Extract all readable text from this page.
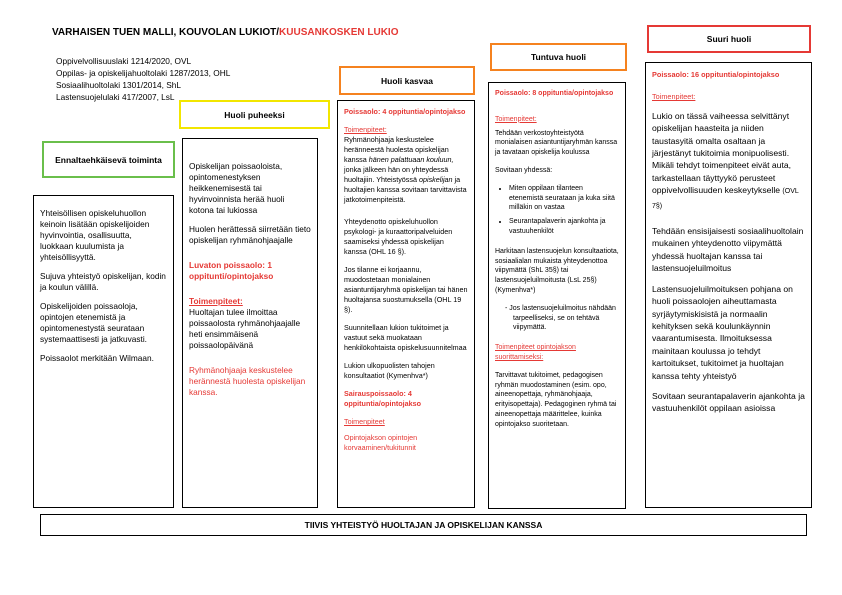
VARHAISEN TUEN MALLI, KOUVOLAN LUKIOT/KUUSANKOSKEN LUKIO
Oppivelvollisuuslaki 1214/2020, OVL
Oppilas- ja opiskelijahuoltolaki 1287/2013, OHL
Sosiaalihuoltolaki 1301/2014, ShL
Lastensuojelulaki 417/2007, LsL
Ennaltaehkäisevä toiminta
Huoli puheeksi
Huoli kasvaa
Tuntuva huoli
Suuri huoli

Yhteisöllisen opiskeluhuollon keinoin lisätään opiskelijoiden hyvinvointia, osallisuutta, luokkaan kuulumista ja yhteisöllisyyttä.

Sujuva yhteistyö opiskelijan, kodin ja koulun välillä.

Opiskelijoiden poissaoloja, opintojen etenemistä ja opintomenestystä seurataan systemaattisesti ja jatkuvasti.

Poissaolot merkitään Wilmaan.

Opiskelijan poissaoloista, opintomenestyksen heikkenemisestä tai hyvinvoinnista herää huoli kotona tai lukiossa

Huolen herättessä siirretään tieto opiskelijan ryhmänohjaajalle

Luvaton poissaolo: 1 oppitunti/opintojakso

Toimenpiteet:

Huoltajan tulee ilmoittaa poissaolosta ryhmänohjaajalle heti ensimmäisenä poissaolopäivänä

Ryhmänohjaaja keskustelee herännestä huolesta opiskelijan kanssa.

Poissaolo: 4 oppituntia/opintojakso

Toimenpiteet:

Ryhmänohjaaja keskustelee heränneestä huolesta opiskelijan kanssa hänen palattuaan kouluun, jonka jälkeen hän on yhteydessä huoltajiin. Yhteistyössä opiskelijan ja huoltajien kanssa sovitaan tarvittavista jatkotoimenpiteistä.

Yhteydenotto opiskeluhuollon psykologi- ja kuraattoripalveluiden saamiseksi yhdessä opiskelijan kanssa (OHL 16 §).

Jos tilanne ei korjaannu, muodostetaan monialainen asiantuntijaryhmä opiskelijan tai hänen huoltajansa suostumuksella (OHL 19 §).

Suunnitellaan lukion tukitoimet ja vastuut sekä muokataan henkilökohtaista opiskelusuunnitelmaa

Lukion ulkopuolisten tahojen konsultaatiot (Kymenhva*)

Sairauspoissaolo: 4 oppituntia/opintojakso

Toimenpiteet

Opintojakson opintojen korvaaminen/tukitunnit

Poissaolo: 8 oppituntia/opintojakso

Toimenpiteet:

Tehdään verkostoyhteistyötä monialaisen asiantuntijaryhmän kanssa ja tavataan opiskelija koulussa

Sovitaan yhdessä:

• Miten oppilaan tilanteen etenemistä seurataan ja kuka siitä milläkin on vastaa
• Seurantapalaverin ajankohta ja vastuuhenkilöt

Harkitaan lastensuojelun konsultaatiota, sosiaalialan mukaista yhteydenottoa viipymättä (ShL 35§) tai lastensuojeluilmoitusta (LsL 25§) (Kymenhva*)

- Jos lastensuojeluilmoitus nähdään tarpeelliseksi, se on tehtävä viipymättä.
Toimenpiteet opintojakson suorittamiseksi:

Tarvittavat tukitoimet, pedagogisen ryhmän muodostaminen (esim. opo, aineenopettaja, ryhmänohjaaja, erityisopettaja). Pedagoginen ryhmä tai aineenopettaja määrittelee, kuinka opintojakso suoritetaan.

Poissaolo: 16 oppituntia/opintojakso

Toimenpiteet:

Lukio on tässä vaiheessa selvittänyt opiskelijan haasteita ja niiden taustasyitä omalta osaltaan ja järjestänyt tukitoimia monipuolisesti. Mikäli tehdyt toimenpiteet eivät auta, tarkastellaan täyttyykö perusteet oppivelvollisuuden keskeytykselle (OVL 7§)

Tehdään ensisijaisesti sosiaalihuoltolain mukainen yhteydenotto viipymättä yhdessä huoltajan kanssa tai lastensuojeluilmoitus

Lastensuojeluilmoituksen pohjana on huoli poissaolojen aiheuttamasta syrjäytymiskisistä ja normaalin kehityksen sekä koulunkäynnin vaarantumisesta. Ilmoituksessa mainitaan koulussa jo tehdyt kartoitukset, tukitoimet ja huoltajan kanssa tehty yhteistyö

Sovitaan seurantapalaverin ajankohta ja vastuuhenkilöt oppilaan asioissa

TIIVIS YHTEISTYÖ HUOLTAJAN JA OPISKELIJAN KANSSA
